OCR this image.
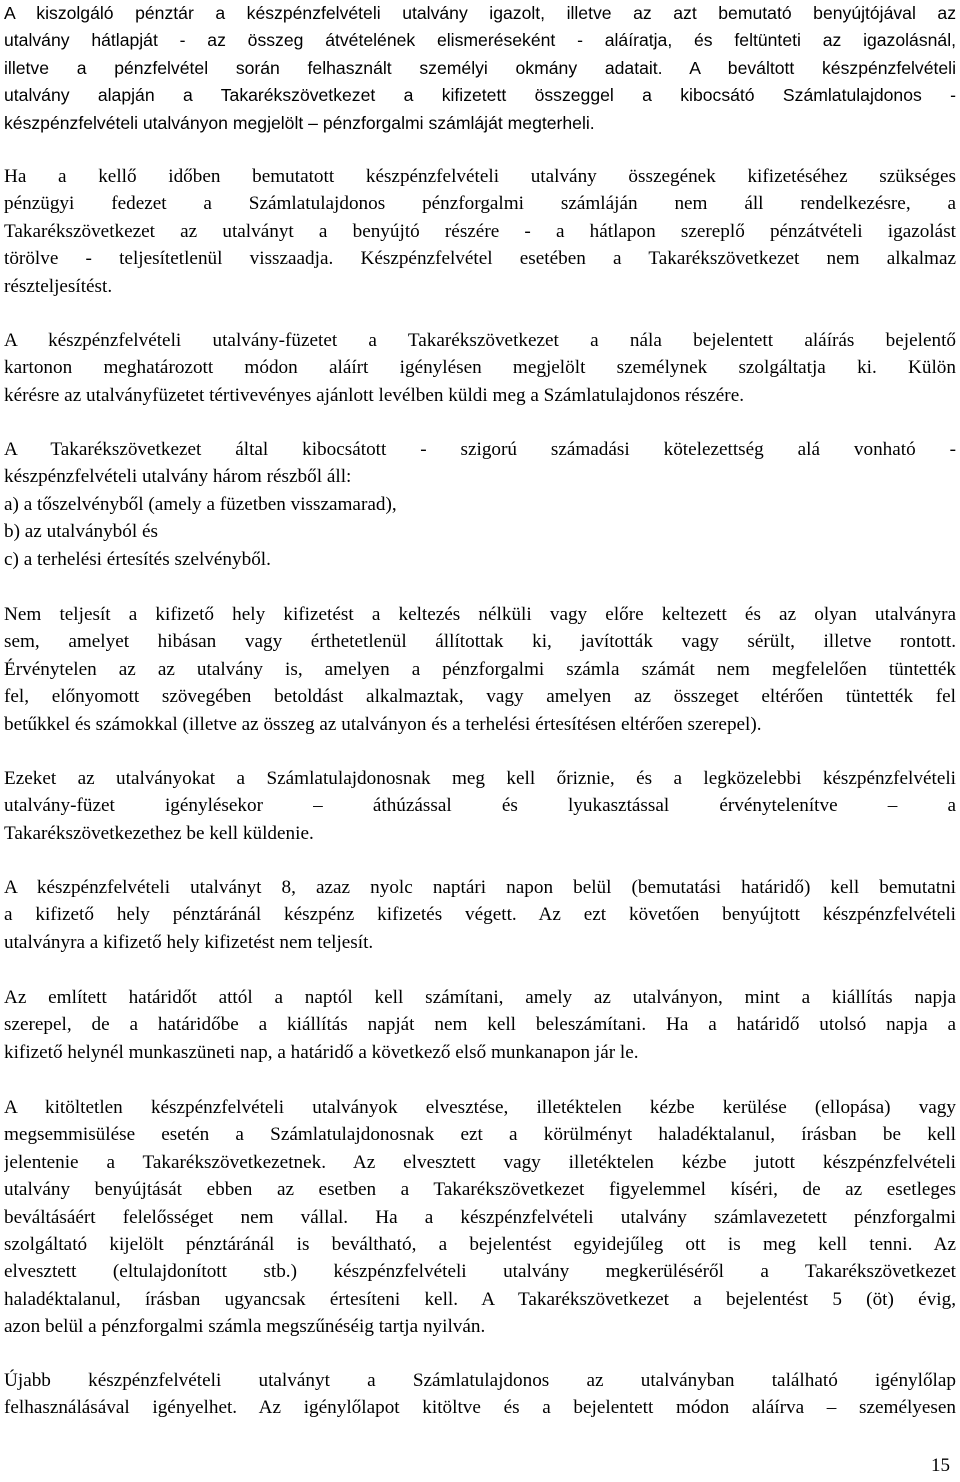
A kiszolgáló pénztár a készpénzfelvételi utalvány igazolt, illetve az azt bemutató benyújtójával az
utalvány hátlapját - az összeg átvételének elismeréseként - aláíratja, és feltünteti az igazolásnál,
illetve a pénzfelvétel során felhasznált személyi okmány adatait. A beváltott készpénzfelvételi
utalvány alapján a Takarékszövetkezet a kifizetett összeggel a kibocsátó Számlatulajdonos -
készpénzfelvételi utalványon megjelölt – pénzforgalmi számláját megterheli.
Ha a kellő időben bemutatott készpénzfelvételi utalvány összegének kifizetéséhez szükséges
pénzügyi fedezet a Számlatulajdonos pénzforgalmi számláján nem áll rendelkezésre, a
Takarékszövetkezet az utalványt a benyújtó részére - a hátlapon szereplő pénzátvételi igazolást
törölve - teljesítetlenül visszaadja. Készpénzfelvétel esetében a Takarékszövetkezet nem alkalmaz
részteljesítést.
A készpénzfelvételi utalvány-füzetet a Takarékszövetkezet a nála bejelentett aláírás bejelentő
kartonon meghatározott módon aláírt igénylésen megjelölt személynek szolgáltatja ki. Külön
kérésre az utalványfüzetet tértivevényes ajánlott levélben küldi meg a Számlatulajdonos részére.
A Takarékszövetkezet által kibocsátott - szigorú számadási kötelezettség alá vonható -
készpénzfelvételi utalvány három részből áll:
a) a tőszelvényből (amely a füzetben visszamarad),
b) az utalványból és
c) a terhelési értesítés szelvényből.
Nem teljesít a kifizető hely kifizetést a keltezés nélküli vagy előre keltezett és az olyan utalványra
sem, amelyet hibásan vagy érthetetlenül állítottak ki, javították vagy sérült, illetve rontott.
Érvénytelen az az utalvány is, amelyen a pénzforgalmi számla számát nem megfelelően tüntették
fel, előnyomott szövegében betoldást alkalmaztak, vagy amelyen az összeget eltérően tüntették fel
betűkkel és számokkal (illetve az összeg az utalványon és a terhelési értesítésen eltérően szerepel).
Ezeket az utalványokat a Számlatulajdonosnak meg kell őriznie, és a legközelebbi készpénzfelvételi
utalvány-füzet igénylésekor – áthúzással és lyukasztással érvénytelenítve – a
Takarékszövetkezethez be kell küldenie.
A készpénzfelvételi utalványt 8, azaz nyolc naptári napon belül (bemutatási határidő) kell bemutatni
a kifizető hely pénztáránál készpénz kifizetés végett. Az ezt követően benyújtott készpénzfelvételi
utalványra a kifizető hely kifizetést nem teljesít.
Az említett határidőt attól a naptól kell számítani, amely az utalványon, mint a kiállítás napja
szerepel, de a határidőbe a kiállítás napját nem kell beleszámítani. Ha a határidő utolsó napja a
kifizető helynél munkaszüneti nap, a határidő a következő első munkanapon jár le.
A kitöltetlen készpénzfelvételi utalványok elvesztése, illetéktelen kézbe kerülése (ellopása) vagy
megsemmisülése esetén a Számlatulajdonosnak ezt a körülményt haladéktalanul, írásban be kell
jelentenie a Takarékszövetkezetnek. Az elvesztett vagy illetéktelen kézbe jutott készpénzfelvételi
utalvány benyújtását ebben az esetben a Takarékszövetkezet figyelemmel kíséri, de az esetleges
beváltásáért felelősséget nem vállal. Ha a készpénzfelvételi utalvány számlavezetett pénzforgalmi
szolgáltató kijelölt pénztáránál is beváltható, a bejelentést egyidejűleg ott is meg kell tenni. Az
elvesztett (eltulajdonított stb.) készpénzfelvételi utalvány megkerüléséről a Takarékszövetkezet
haladéktalanul, írásban ugyancsak értesíteni kell. A Takarékszövetkezet a bejelentést 5 (öt) évig,
azon belül a pénzforgalmi számla megszűnéséig tartja nyilván.
Újabb készpénzfelvételi utalványt a Számlatulajdonos az utalványban található igénylőlap
felhasználásával igényelhet. Az igénylőlapot kitöltve és a bejelentett módon aláírva – személyesen
15
